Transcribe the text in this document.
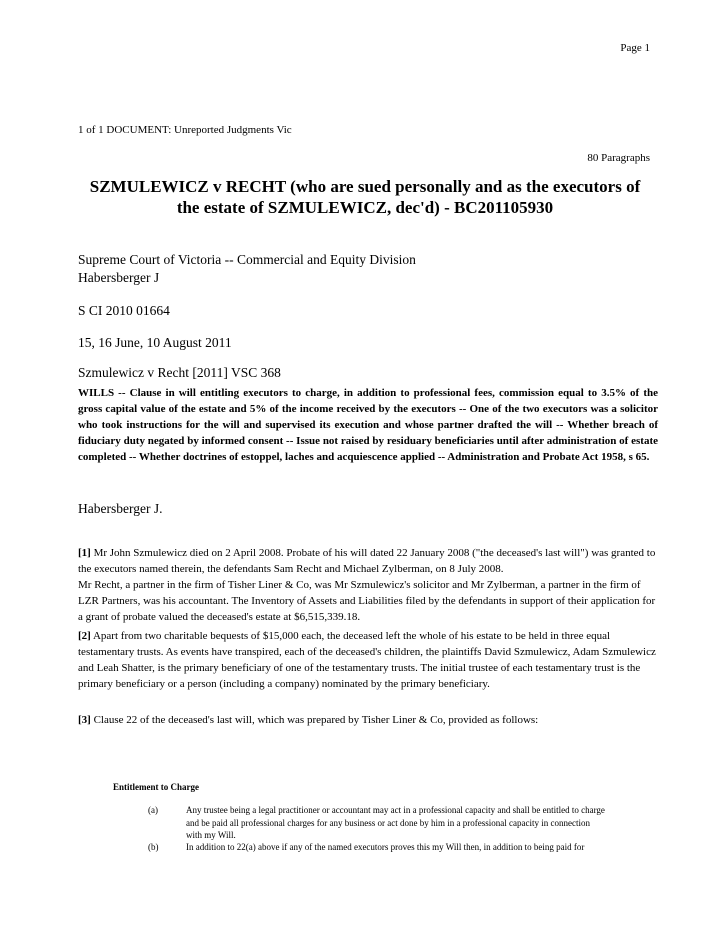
Page 1
1 of 1 DOCUMENT: Unreported Judgments Vic
80 Paragraphs
SZMULEWICZ v RECHT (who are sued personally and as the executors of the estate of SZMULEWICZ, dec'd) - BC201105930
Supreme Court of Victoria -- Commercial and Equity Division
Habersberger J
S CI 2010 01664
15, 16 June, 10 August 2011
Szmulewicz v Recht [2011] VSC 368
WILLS -- Clause in will entitling executors to charge, in addition to professional fees, commission equal to 3.5% of the gross capital value of the estate and 5% of the income received by the executors -- One of the two executors was a solicitor who took instructions for the will and supervised its execution and whose partner drafted the will -- Whether breach of fiduciary duty negated by informed consent -- Issue not raised by residuary beneficiaries until after administration of estate completed -- Whether doctrines of estoppel, laches and acquiescence applied -- Administration and Probate Act 1958, s 65.
Habersberger J.

[1] Mr John Szmulewicz died on 2 April 2008. Probate of his will dated 22 January 2008 ("the deceased's last will") was granted to the executors named therein, the defendants Sam Recht and Michael Zylberman, on 8 July 2008.

Mr Recht, a partner in the firm of Tisher Liner & Co, was Mr Szmulewicz's solicitor and Mr Zylberman, a partner in the firm of LZR Partners, was his accountant. The Inventory of Assets and Liabilities filed by the defendants in support of their application for a grant of probate valued the deceased's estate at $6,515,339.18.

[2] Apart from two charitable bequests of $15,000 each, the deceased left the whole of his estate to be held in three equal testamentary trusts. As events have transpired, each of the deceased's children, the plaintiffs David Szmulewicz, Adam Szmulewicz and Leah Shatter, is the primary beneficiary of one of the testamentary trusts. The initial trustee of each testamentary trust is the primary beneficiary or a person (including a company) nominated by the primary beneficiary.

[3] Clause 22 of the deceased's last will, which was prepared by Tisher Liner & Co, provided as follows:

Entitlement to Charge
(a)	Any trustee being a legal practitioner or accountant may act in a professional capacity and shall be entitled to charge and be paid all professional charges for any business or act done by him in a professional capacity in connection with my Will.
(b)	In addition to 22(a) above if any of the named executors proves this my Will then, in addition to being paid for
